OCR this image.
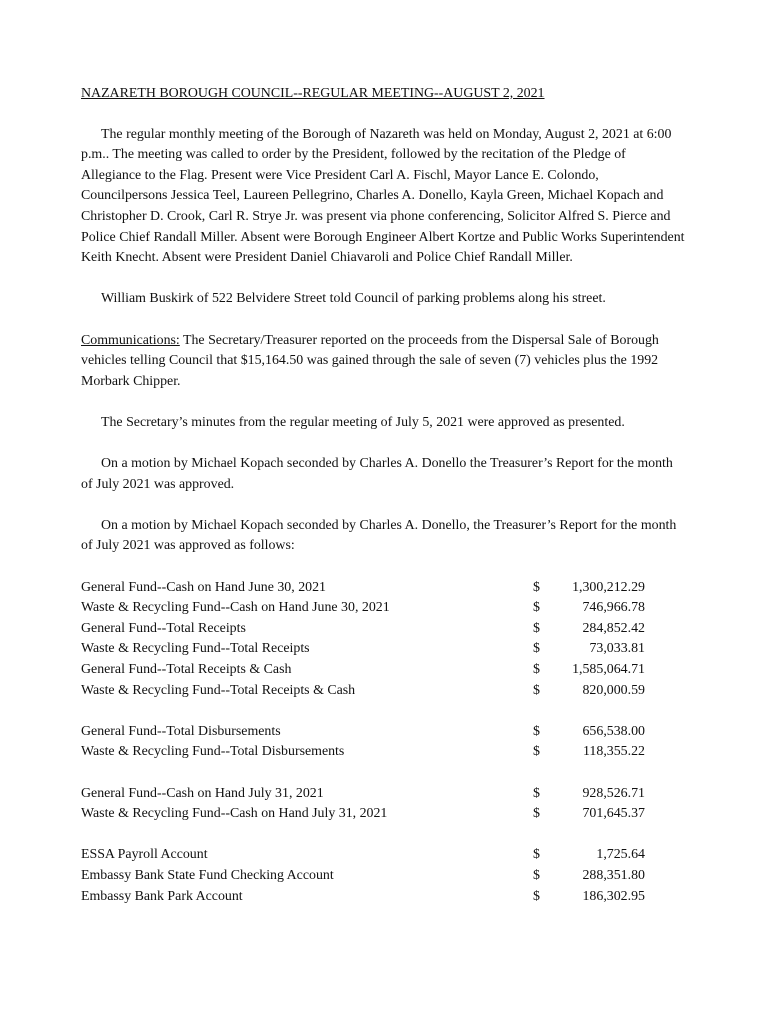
NAZARETH BOROUGH COUNCIL--REGULAR MEETING--AUGUST 2, 2021

The regular monthly meeting of the Borough of Nazareth was held on Monday, August 2, 2021 at 6:00 p.m.. The meeting was called to order by the President, followed by the recitation of the Pledge of Allegiance to the Flag. Present were Vice President Carl A. Fischl, Mayor Lance E. Colondo, Councilpersons Jessica Teel, Laureen Pellegrino, Charles A. Donello, Kayla Green, Michael Kopach and Christopher D. Crook, Carl R. Strye Jr. was present via phone conferencing, Solicitor Alfred S. Pierce and Police Chief Randall Miller. Absent were Borough Engineer Albert Kortze and Public Works Superintendent Keith Knecht. Absent were President Daniel Chiavaroli and Police Chief Randall Miller.

William Buskirk of 522 Belvidere Street told Council of parking problems along his street.

Communications: The Secretary/Treasurer reported on the proceeds from the Dispersal Sale of Borough vehicles telling Council that $15,164.50 was gained through the sale of seven (7) vehicles plus the 1992 Morbark Chipper.

The Secretary’s minutes from the regular meeting of July 5, 2021 were approved as presented.

On a motion by Michael Kopach seconded by Charles A. Donello the Treasurer’s Report for the month of July 2021 was approved.

On a motion by Michael Kopach seconded by Charles A. Donello, the Treasurer’s Report for the month of July 2021 was approved as follows:

General Fund--Cash on Hand June 30, 2021	$ 1,300,212.29
Waste & Recycling Fund--Cash on Hand June 30, 2021	$	746,966.78
General Fund--Total Receipts	$	284,852.42
Waste & Recycling Fund--Total Receipts	$	73,033.81
General Fund--Total Receipts & Cash	$ 1,585,064.71
Waste & Recycling Fund--Total Receipts & Cash	$	820,000.59
General Fund--Total Disbursements	$	656,538.00
Waste & Recycling Fund--Total Disbursements	$	118,355.22
General Fund--Cash on Hand July 31, 2021	$	928,526.71
Waste & Recycling Fund--Cash on Hand July 31, 2021	$	701,645.37
ESSA Payroll Account	$	1,725.64
Embassy Bank State Fund Checking Account	$	288,351.80
Embassy Bank Park Account	$	186,302.95
